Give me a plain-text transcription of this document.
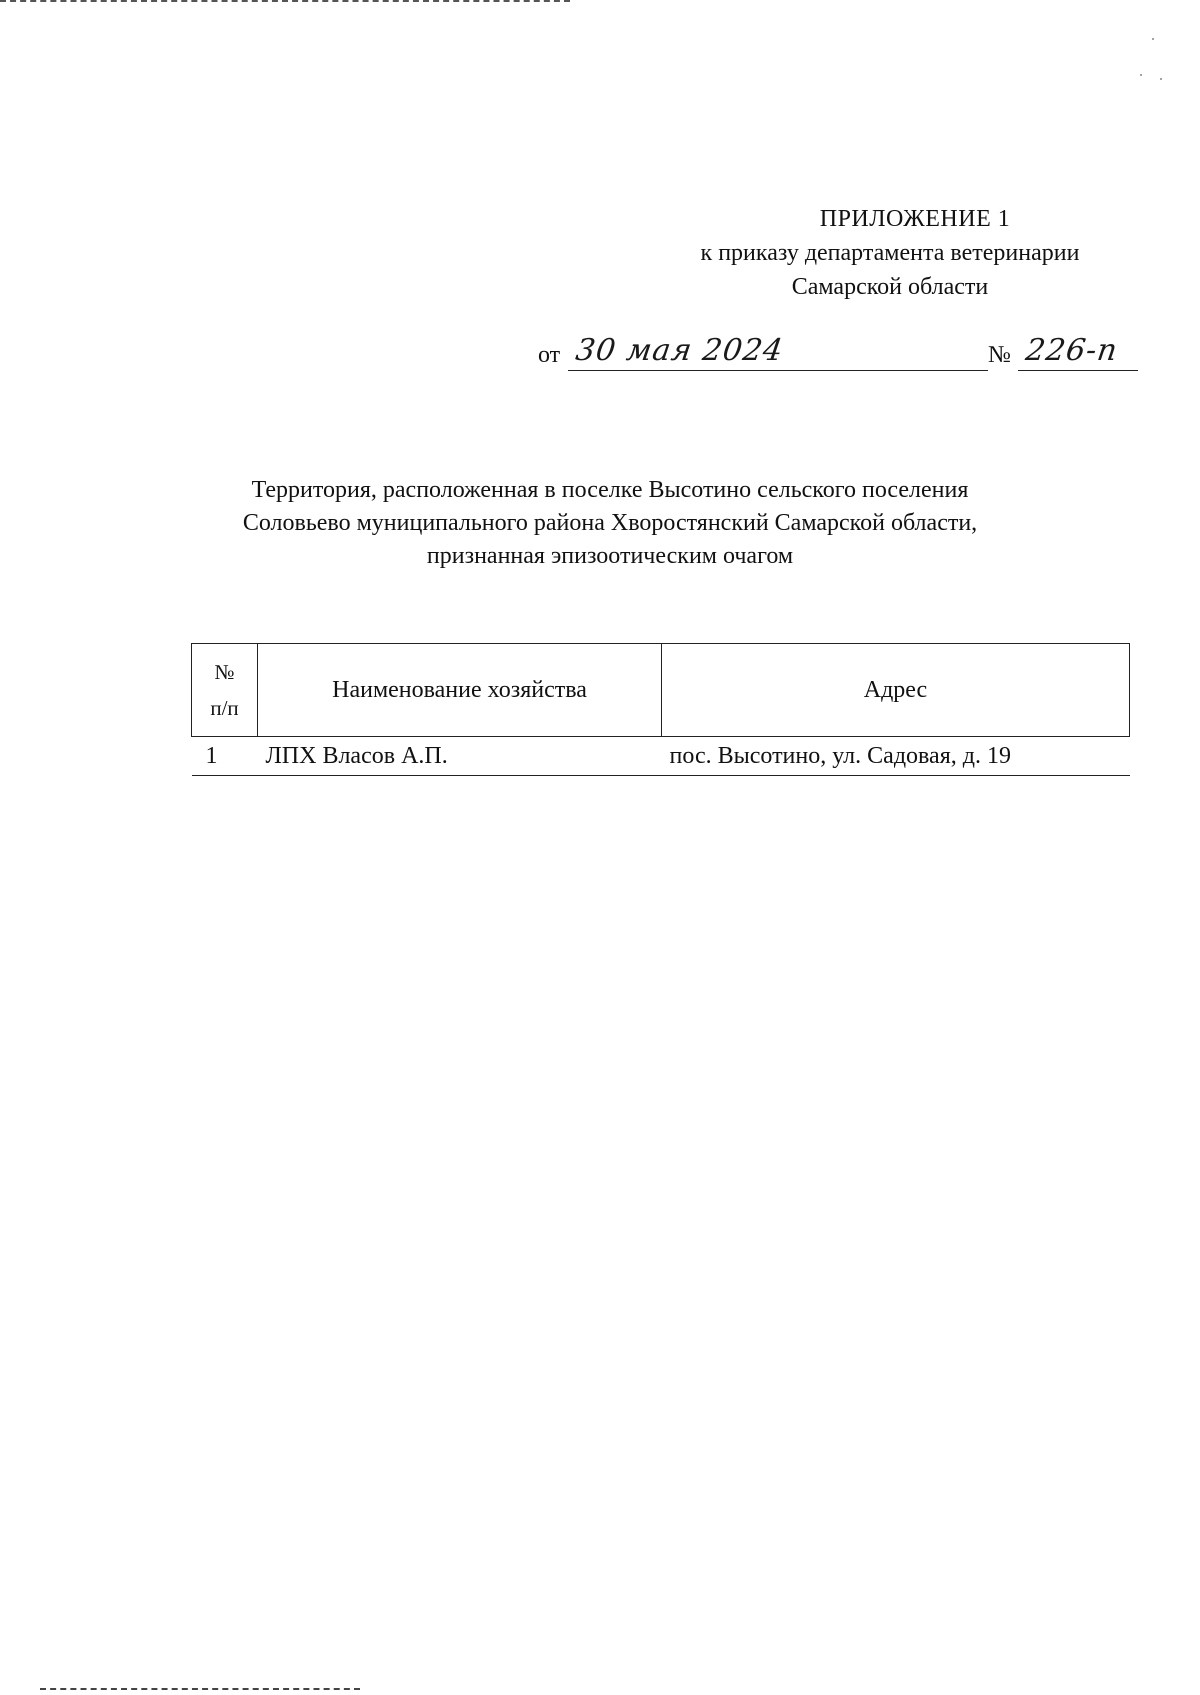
ПРИЛОЖЕНИЕ 1
к приказу департамента ветеринарии
Самарской области
от 30 мая 2024	№ 226-п
Территория, расположенная в поселке Высотино сельского поселения
Соловьево муниципального района Хворостянский Самарской области,
признанная эпизоотическим очагом
№
п/п	Наименование хозяйства	Адрес
1	ЛПХ Власов А.П.	пос. Высотино, ул. Садовая, д. 19
